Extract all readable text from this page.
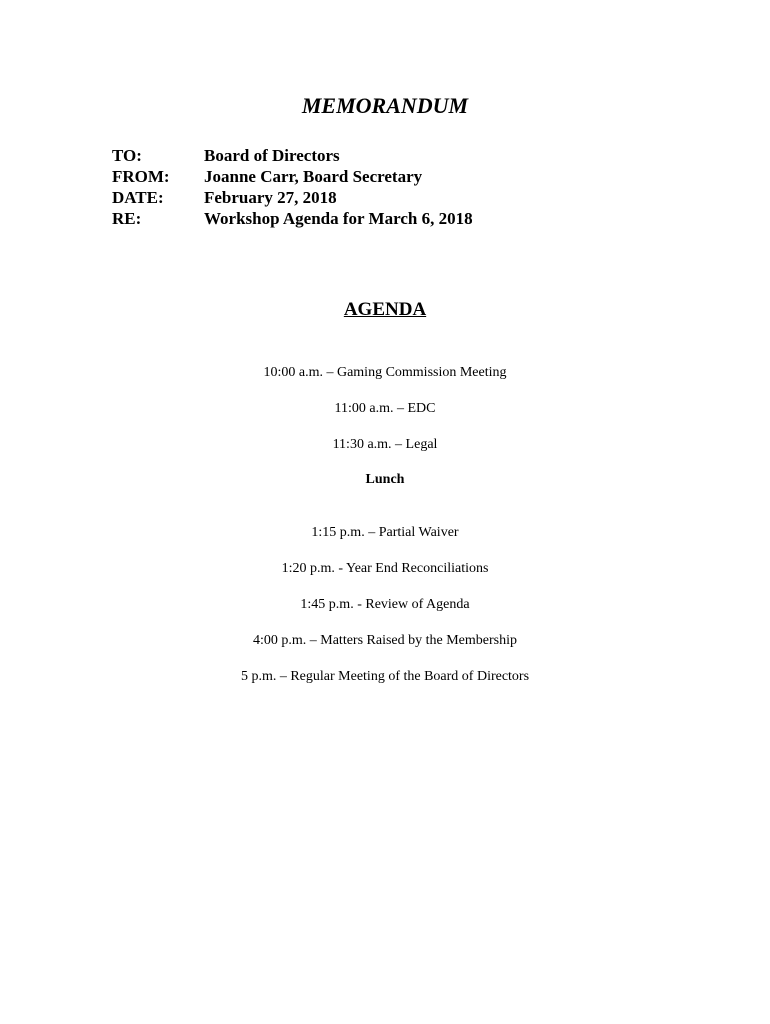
MEMORANDUM
TO:	Board of Directors
FROM:	Joanne Carr, Board Secretary
DATE:	February 27, 2018
RE:	Workshop Agenda for March 6, 2018
AGENDA
10:00 a.m. – Gaming Commission Meeting
11:00 a.m. – EDC
11:30 a.m. – Legal
Lunch
1:15 p.m. – Partial Waiver
1:20 p.m. - Year End Reconciliations
1:45 p.m. - Review of Agenda
4:00 p.m. – Matters Raised by the Membership
5 p.m. – Regular Meeting of the Board of Directors
